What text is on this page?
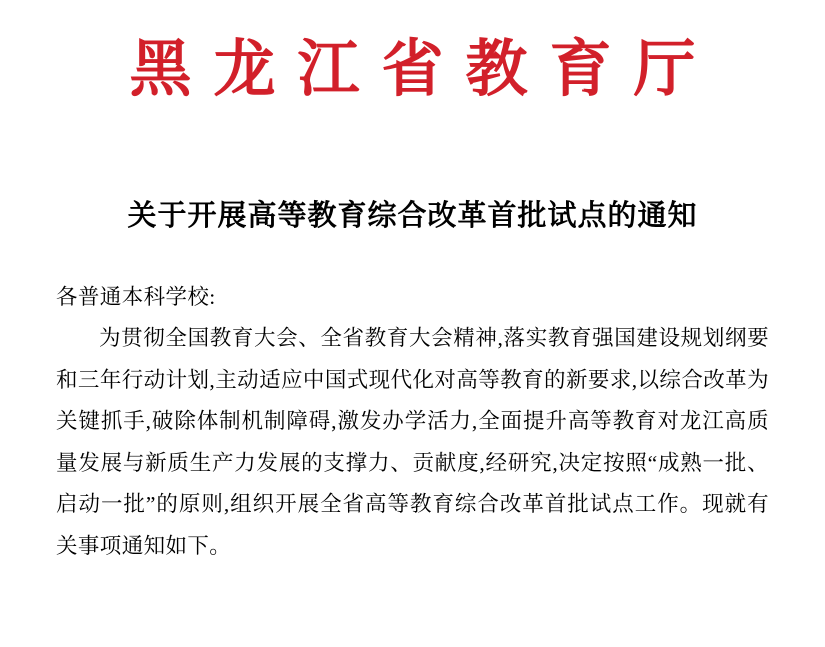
黑龙江省教育厅
关于开展高等教育综合改革首批试点的通知

各普通本科学校:

为贯彻全国教育大会、全省教育大会精神,落实教育强国建设规划纲要和三年行动计划,主动适应中国式现代化对高等教育的新要求,以综合改革为关键抓手,破除体制机制障碍,激发办学活力,全面提升高等教育对龙江高质量发展与新质生产力发展的支撑力、贡献度,经研究,决定按照“成熟一批、启动一批”的原则,组织开展全省高等教育综合改革首批试点工作。现就有关事项通知如下。
